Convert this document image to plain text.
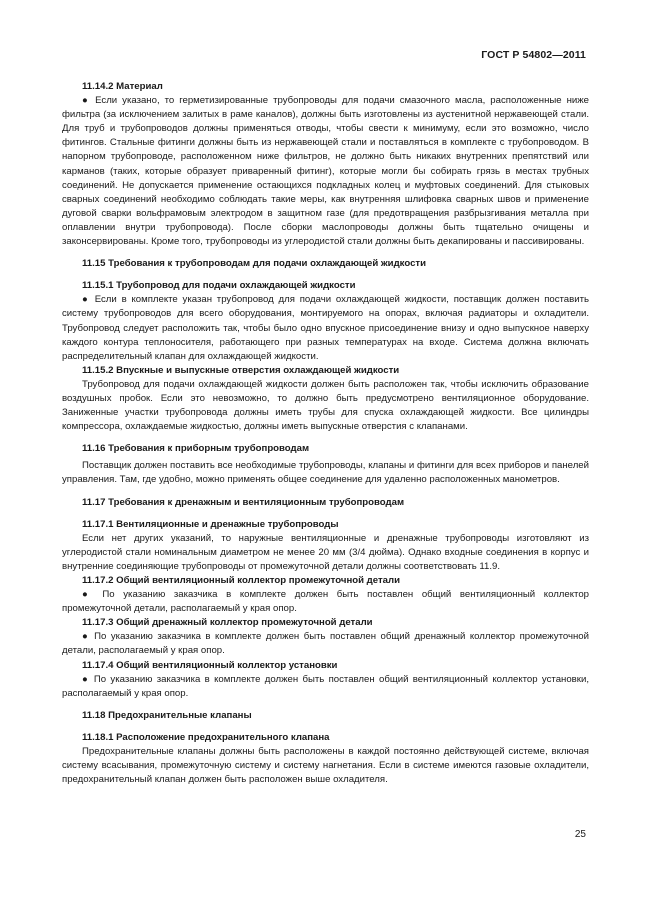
ГОСТ Р 54802—2011

11.14.2 Материал

● Если указано, то герметизированные трубопроводы для подачи смазочного масла, расположенные ниже фильтра (за исключением залитых в раме каналов), должны быть изготовлены из аустенитной нержавеющей стали. Для труб и трубопроводов должны применяться отводы, чтобы свести к минимуму, если это возможно, число фитингов. Стальные фитинги должны быть из нержавеющей стали и поставляться в комплекте с трубопроводом. В напорном трубопроводе, расположенном ниже фильтров, не должно быть никаких внутренних препятствий или карманов (таких, которые образует приваренный фитинг), которые могли бы собирать грязь в местах трубных соединений. Не допускается применение остающихся подкладных колец и муфтовых соединений. Для стыковых сварных соединений необходимо соблюдать такие меры, как внутренняя шлифовка сварных швов и применение дуговой сварки вольфрамовым электродом в защитном газе (для предотвращения разбрызгивания металла при оплавлении внутри трубопровода). После сборки маслопроводы должны быть тщательно очищены и законсервированы. Кроме того, трубопроводы из углеродистой стали должны быть декапированы и пассивированы.

11.15 Требования к трубопроводам для подачи охлаждающей жидкости

11.15.1 Трубопровод для подачи охлаждающей жидкости

● Если в комплекте указан трубопровод для подачи охлаждающей жидкости, поставщик должен поставить систему трубопроводов для всего оборудования, монтируемого на опорах, включая радиаторы и охладители. Трубопровод следует расположить так, чтобы было одно впускное присоединение внизу и одно выпускное наверху каждого контура теплоносителя, работающего при разных температурах на входе. Система должна включать распределительный клапан для охлаждающей жидкости.

11.15.2 Впускные и выпускные отверстия охлаждающей жидкости

Трубопровод для подачи охлаждающей жидкости должен быть расположен так, чтобы исключить образование воздушных пробок. Если это невозможно, то должно быть предусмотрено вентиляционное оборудование. Заниженные участки трубопровода должны иметь трубы для спуска охлаждающей жидкости. Все цилиндры компрессора, охлаждаемые жидкостью, должны иметь выпускные отверстия с клапанами.

11.16 Требования к приборным трубопроводам

Поставщик должен поставить все необходимые трубопроводы, клапаны и фитинги для всех приборов и панелей управления. Там, где удобно, можно применять общее соединение для удаленно расположенных манометров.

11.17 Требования к дренажным и вентиляционным трубопроводам

11.17.1 Вентиляционные и дренажные трубопроводы

Если нет других указаний, то наружные вентиляционные и дренажные трубопроводы изготовляют из углеродистой стали номинальным диаметром не менее 20 мм (3/4 дюйма). Однако входные соединения в корпус и внутренние соединяющие трубопроводы от промежуточной детали должны соответствовать 11.9.

11.17.2 Общий вентиляционный коллектор промежуточной детали

● По указанию заказчика в комплекте должен быть поставлен общий вентиляционный коллектор промежуточной детали, располагаемый у края опор.

11.17.3 Общий дренажный коллектор промежуточной детали

● По указанию заказчика в комплекте должен быть поставлен общий дренажный коллектор промежуточной детали, располагаемый у края опор.

11.17.4 Общий вентиляционный коллектор установки

● По указанию заказчика в комплекте должен быть поставлен общий вентиляционный коллектор установки, располагаемый у края опор.

11.18 Предохранительные клапаны

11.18.1 Расположение предохранительного клапана

Предохранительные клапаны должны быть расположены в каждой постоянно действующей системе, включая систему всасывания, промежуточную систему и систему нагнетания. Если в системе имеются газовые охладители, предохранительный клапан должен быть расположен выше охладителя.

25
